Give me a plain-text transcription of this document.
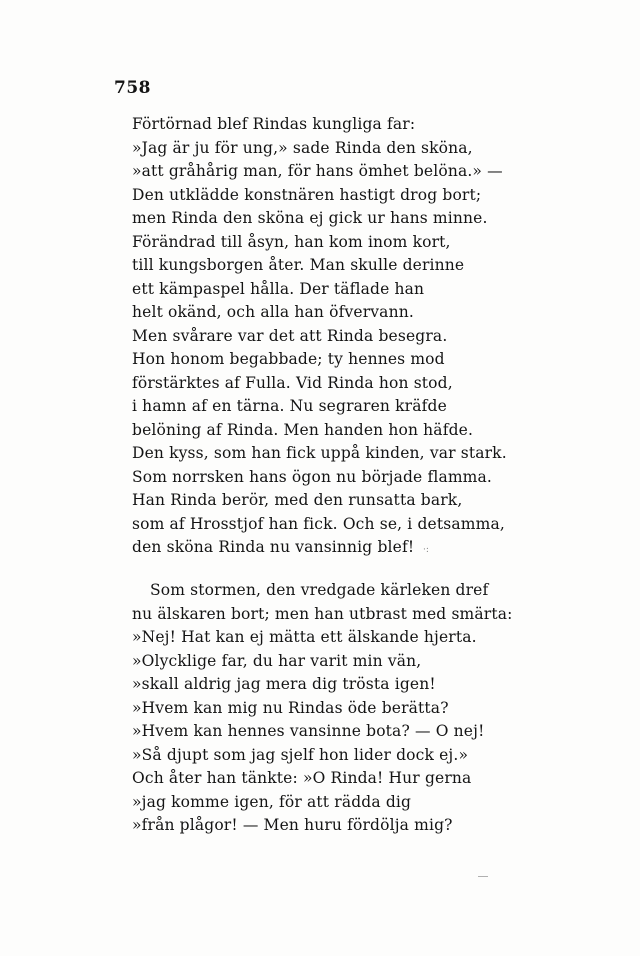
758
Förtörnad blef Rindas kungliga far:
»Jag är ju för ung,» sade Rinda den sköna,
»att gråhårig man, för hans ömhet belöna.» —
Den utklädde konstnären hastigt drog bort;
men Rinda den sköna ej gick ur hans minne.
Förändrad till åsyn, han kom inom kort,
till kungsborgen åter. Man skulle derinne
ett kämpaspel hålla. Der täflade han
helt okänd, och alla han öfvervann.
Men svårare var det att Rinda besegra.
Hon honom begabbade; ty hennes mod
förstärktes af Fulla. Vid Rinda hon stod,
i hamn af en tärna. Nu segraren kräfde
belöning af Rinda. Men handen hon häfde.
Den kyss, som han fick uppå kinden, var stark.
Som norrsken hans ögon nu började flamma.
Han Rinda berör, med den runsatta bark,
som af Hrosstjof han fick. Och se, i detsamma,
den sköna Rinda nu vansinnig blef! ·:
Som stormen, den vredgade kärleken dref
nu älskaren bort; men han utbrast med smärta:
»Nej! Hat kan ej mätta ett älskande hjerta.
»Olycklige far, du har varit min vän,
»skall aldrig jag mera dig trösta igen!
»Hvem kan mig nu Rindas öde berätta?
»Hvem kan hennes vansinne bota? — O nej!
»Så djupt som jag sjelf hon lider dock ej.»
Och åter han tänkte: »O Rinda! Hur gerna
»jag komme igen, för att rädda dig
»från plågor! — Men huru fördölja mig?
